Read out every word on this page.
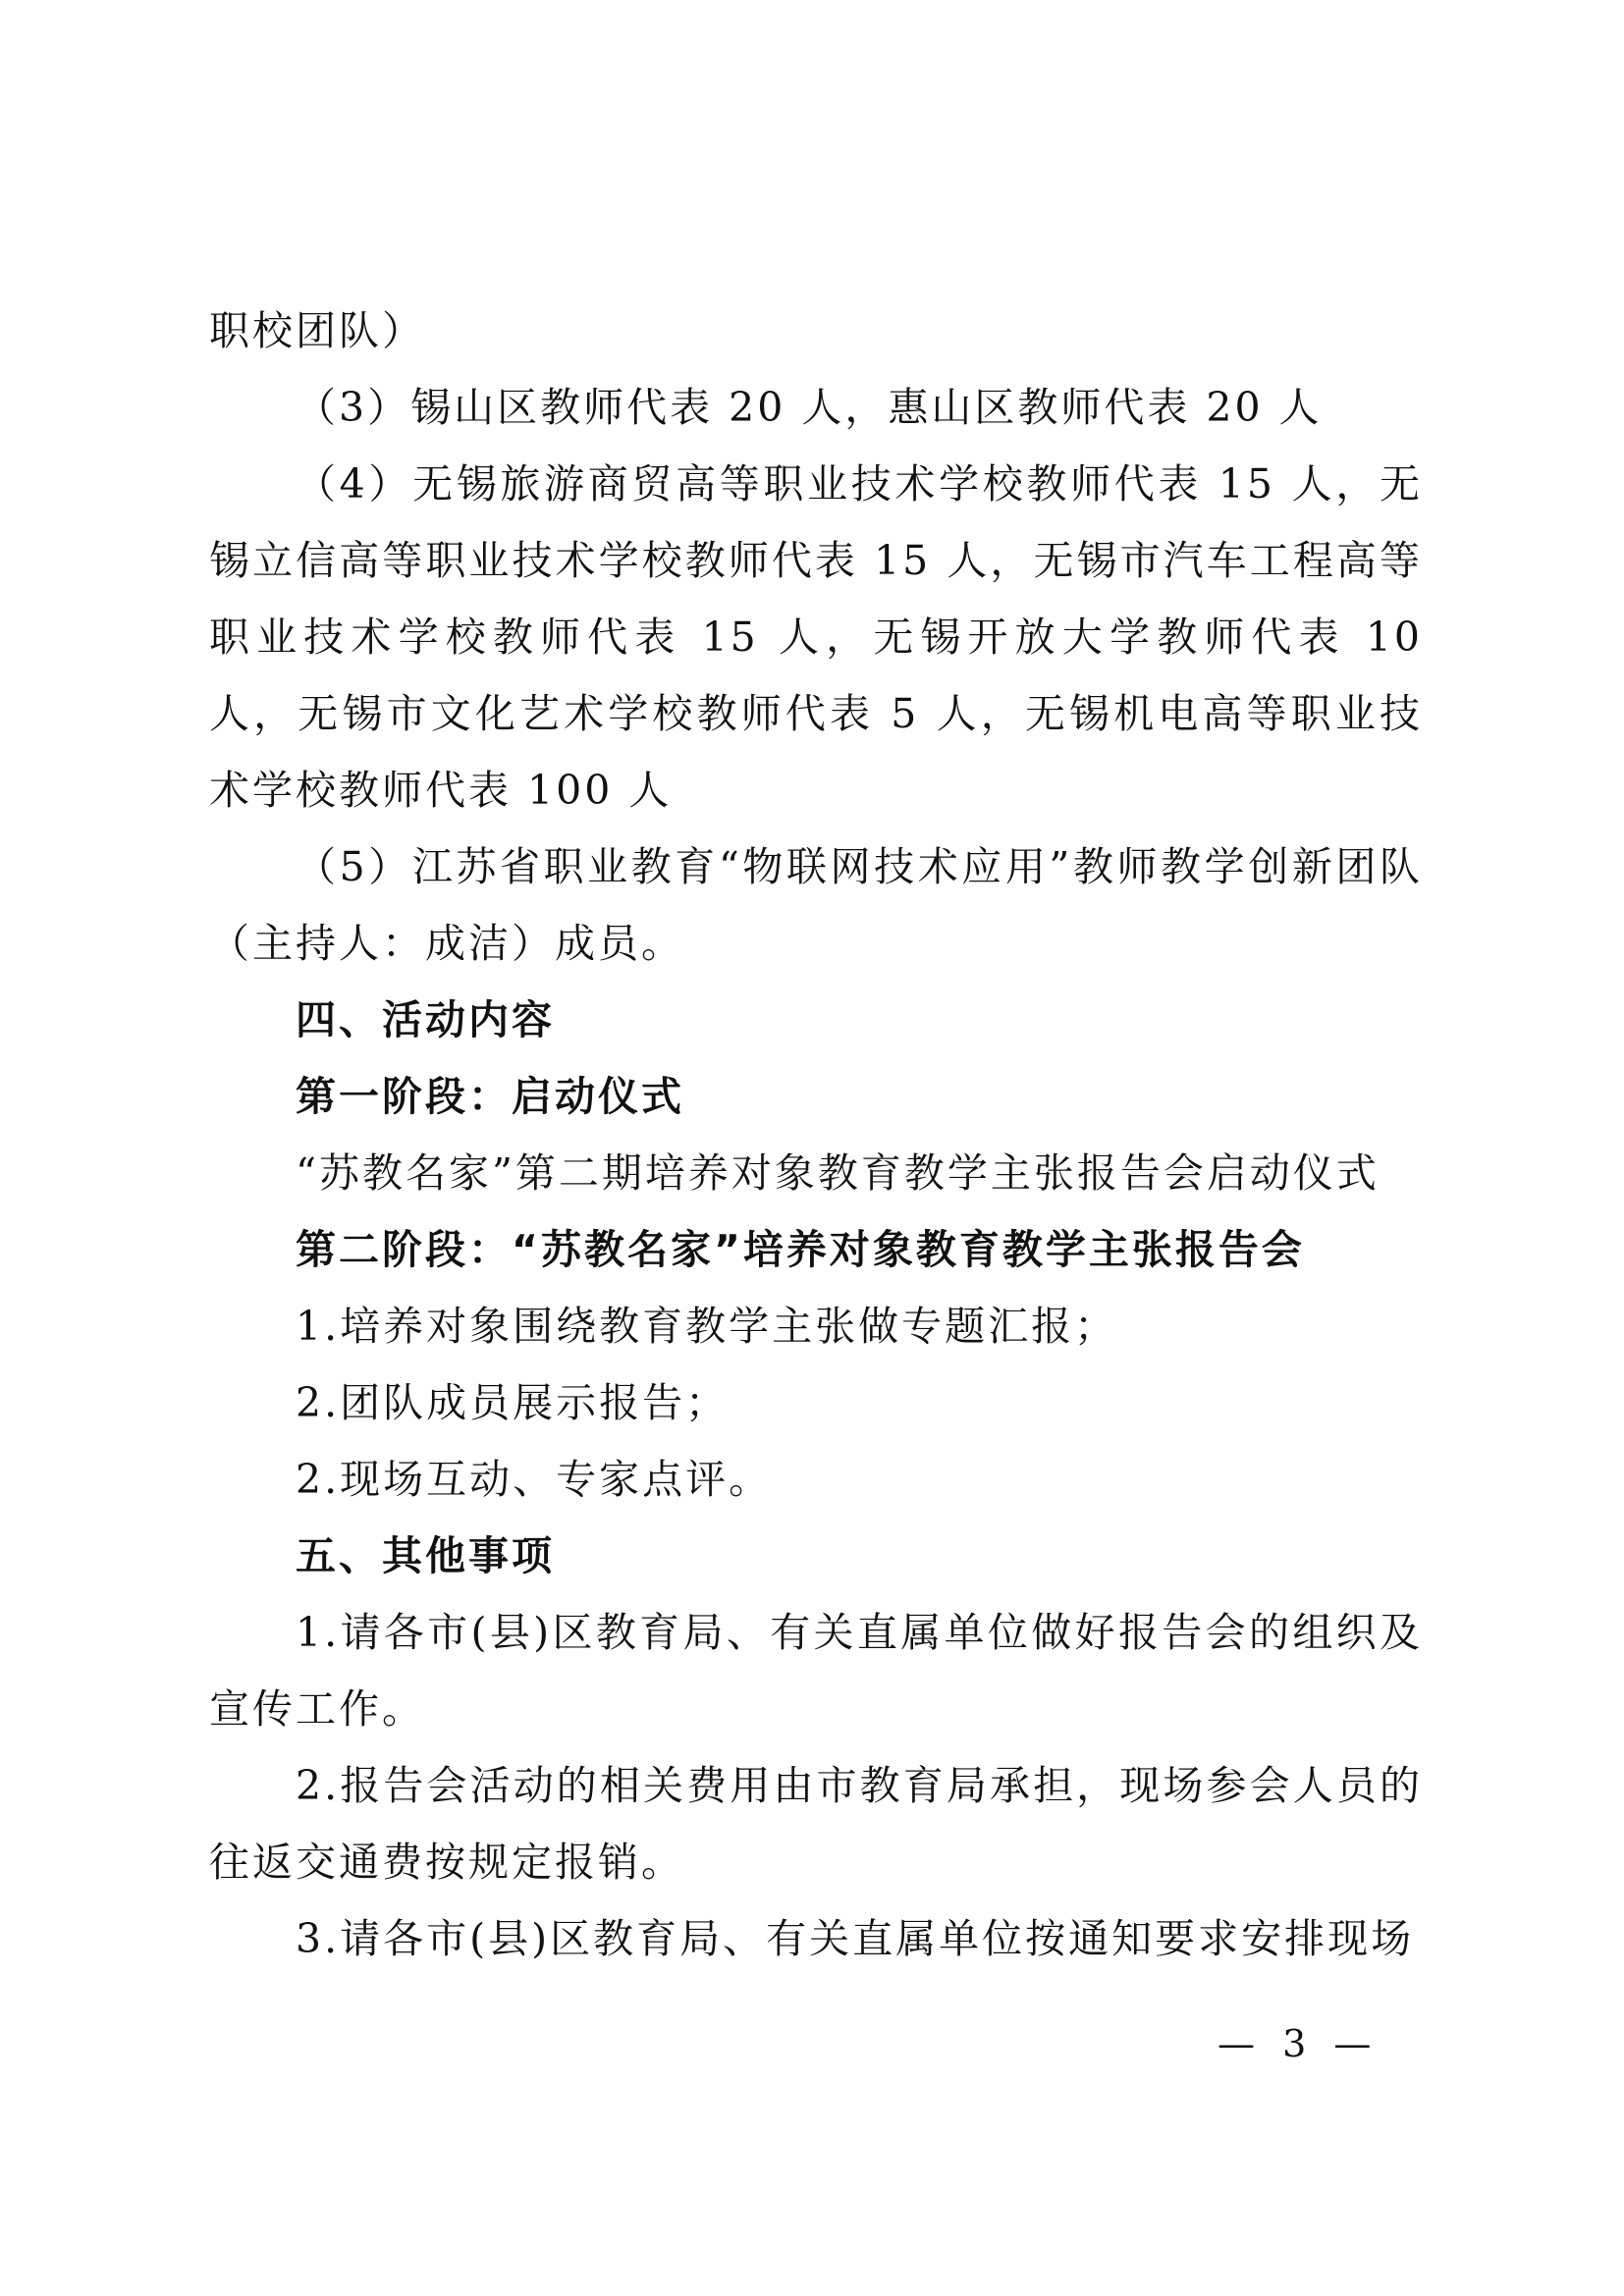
职校团队）

（3）锡山区教师代表 20 人，惠山区教师代表 20 人

（4）无锡旅游商贸高等职业技术学校教师代表 15 人，无锡立信高等职业技术学校教师代表 15 人，无锡市汽车工程高等职业技术学校教师代表 15 人，无锡开放大学教师代表 10 人，无锡市文化艺术学校教师代表 5 人，无锡机电高等职业技术学校教师代表 100 人

（5）江苏省职业教育“物联网技术应用”教师教学创新团队（主持人：成洁）成员。

四、活动内容

第一阶段：启动仪式

“苏教名家”第二期培养对象教育教学主张报告会启动仪式

第二阶段：“苏教名家”培养对象教育教学主张报告会

1.培养对象围绕教育教学主张做专题汇报；

2.团队成员展示报告；

2.现场互动、专家点评。

五、其他事项

1.请各市(县)区教育局、有关直属单位做好报告会的组织及宣传工作。

2.报告会活动的相关费用由市教育局承担，现场参会人员的往返交通费按规定报销。

3.请各市(县)区教育局、有关直属单位按通知要求安排现场

— 3 —
